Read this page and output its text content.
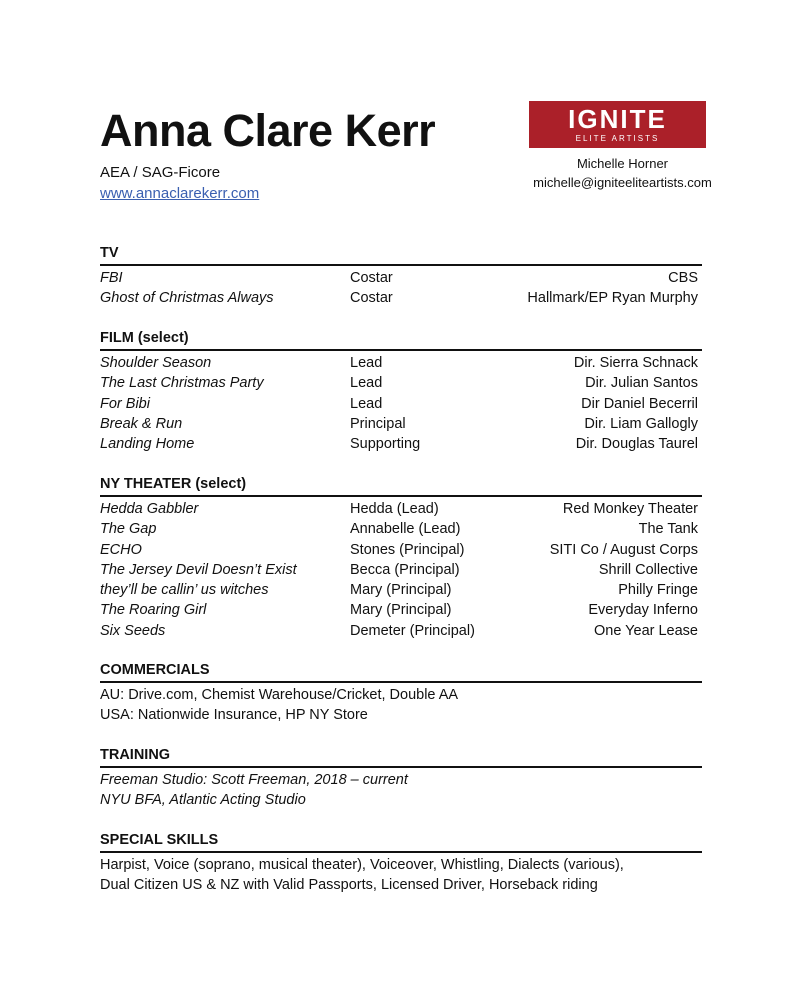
Anna Clare Kerr
AEA / SAG-Ficore
www.annaclarekerr.com
IGNITE
ELITE ARTISTS
Michelle Horner
michelle@igniteeliteartists.com
TV
FBI	Costar	CBS
Ghost of Christmas Always	Costar	Hallmark/EP Ryan Murphy
FILM (select)
Shoulder Season	Lead	Dir. Sierra Schnack
The Last Christmas Party	Lead	Dir. Julian Santos
For Bibi	Lead	Dir Daniel Becerril
Break & Run	Principal	Dir. Liam Gallogly
Landing Home	Supporting	Dir. Douglas Taurel
NY THEATER (select)
Hedda Gabbler	Hedda (Lead)	Red Monkey Theater
The Gap	Annabelle (Lead)	The Tank
ECHO	Stones (Principal)	SITI Co / August Corps
The Jersey Devil Doesn’t Exist	Becca (Principal)	Shrill Collective
they’ll be callin’ us witches	Mary (Principal)	Philly Fringe
The Roaring Girl	Mary (Principal)	Everyday Inferno
Six Seeds	Demeter (Principal)	One Year Lease
COMMERCIALS
AU: Drive.com, Chemist Warehouse/Cricket, Double AA
USA: Nationwide Insurance, HP NY Store
TRAINING
Freeman Studio: Scott Freeman, 2018 – current
NYU BFA, Atlantic Acting Studio
SPECIAL SKILLS
Harpist, Voice (soprano, musical theater), Voiceover, Whistling, Dialects (various),
Dual Citizen US & NZ with Valid Passports, Licensed Driver, Horseback riding
